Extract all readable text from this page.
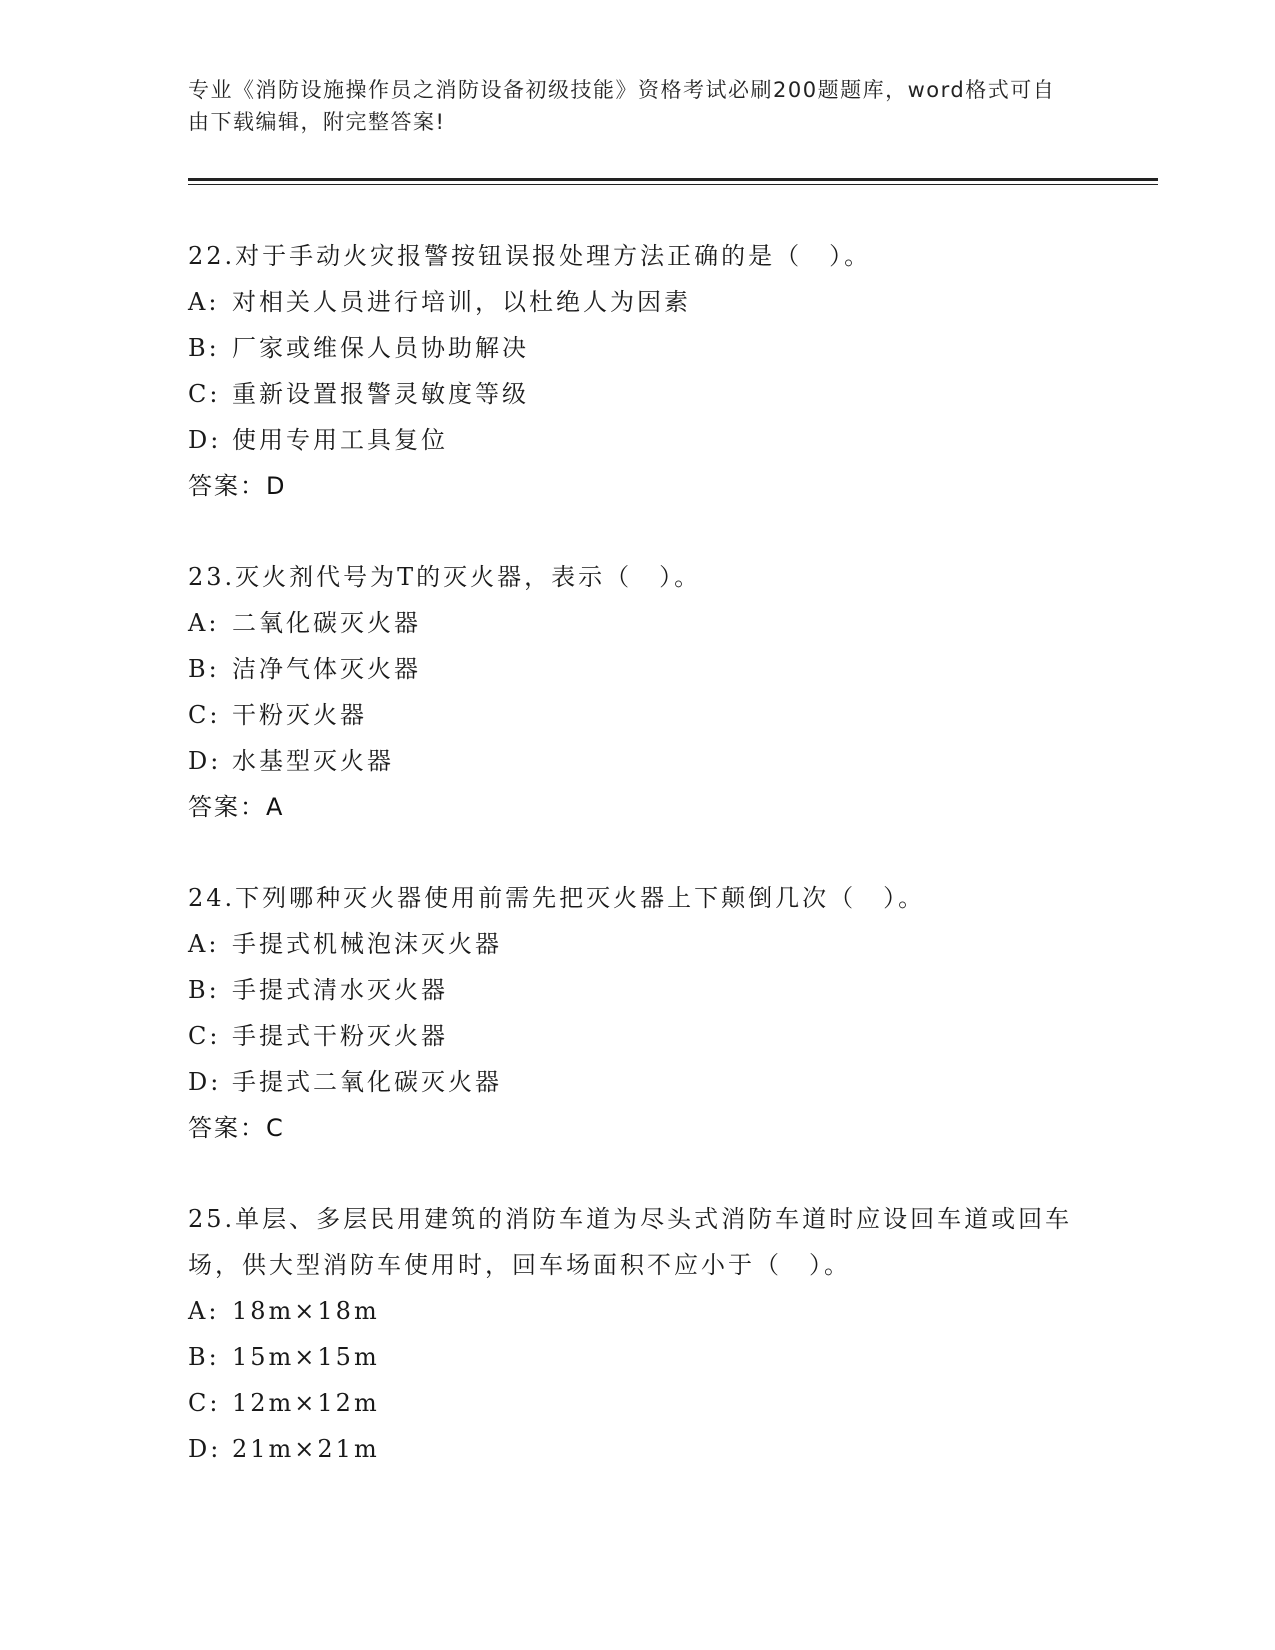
专业《消防设施操作员之消防设备初级技能》资格考试必刷200题题库，word格式可自由下载编辑，附完整答案!

22.对于手动火灾报警按钮误报处理方法正确的是（　）。

A: 对相关人员进行培训，以杜绝人为因素

B: 厂家或维保人员协助解决

C: 重新设置报警灵敏度等级

D: 使用专用工具复位

答案：D

23.灭火剂代号为T的灭火器，表示（　）。

A: 二氧化碳灭火器

B: 洁净气体灭火器

C: 干粉灭火器

D: 水基型灭火器

答案：A

24.下列哪种灭火器使用前需先把灭火器上下颠倒几次（　）。

A: 手提式机械泡沫灭火器

B: 手提式清水灭火器

C: 手提式干粉灭火器

D: 手提式二氧化碳灭火器

答案：C

25.单层、多层民用建筑的消防车道为尽头式消防车道时应设回车道或回车场，供大型消防车使用时，回车场面积不应小于（　）。

A: 18m×18m

B: 15m×15m

C: 12m×12m

D: 21m×21m
